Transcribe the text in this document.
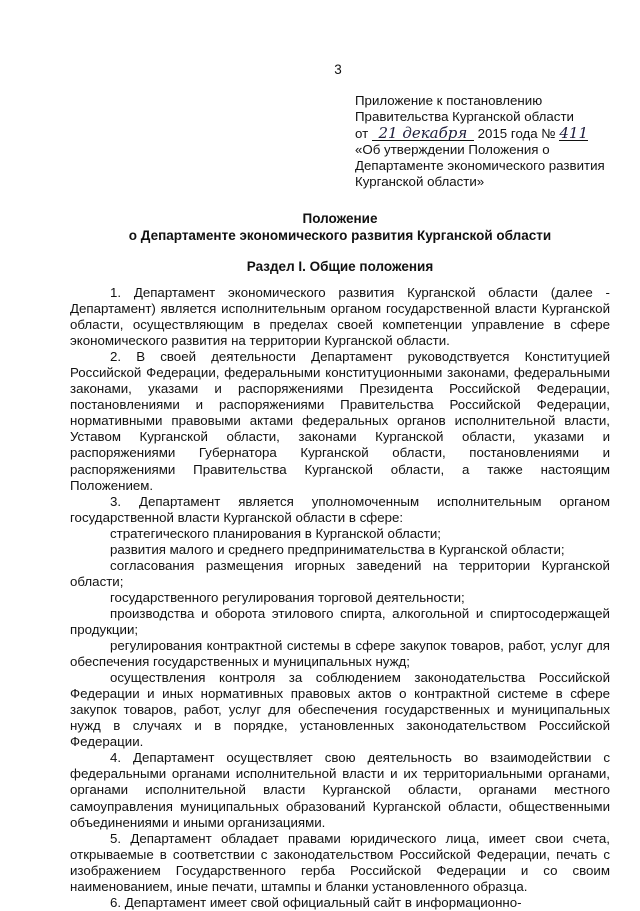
3
Приложение к постановлению
Правительства Курганской области
от 21 декабря 2015 года № 411
«Об утверждении Положения о
Департаменте экономического развития
Курганской области»
Положение
о Департаменте экономического развития Курганской области
Раздел I. Общие положения

1. Департамент экономического развития Курганской области (далее - Департамент) является исполнительным органом государственной власти Курганской области, осуществляющим в пределах своей компетенции управление в сфере экономического развития на территории Курганской области.

2. В своей деятельности Департамент руководствуется Конституцией Российской Федерации, федеральными конституционными законами, федеральными законами, указами и распоряжениями Президента Российской Федерации, постановлениями и распоряжениями Правительства Российской Федерации, нормативными правовыми актами федеральных органов исполнительной власти, Уставом Курганской области, законами Курганской области, указами и распоряжениями Губернатора Курганской области, постановлениями и распоряжениями Правительства Курганской области, а также настоящим Положением.

3. Департамент является уполномоченным исполнительным органом государственной власти Курганской области в сфере:

стратегического планирования в Курганской области;

развития малого и среднего предпринимательства в Курганской области;

согласования размещения игорных заведений на территории Курганской области;

государственного регулирования торговой деятельности;

производства и оборота этилового спирта, алкогольной и спиртосодержащей продукции;

регулирования контрактной системы в сфере закупок товаров, работ, услуг для обеспечения государственных и муниципальных нужд;

осуществления контроля за соблюдением законодательства Российской Федерации и иных нормативных правовых актов о контрактной системе в сфере закупок товаров, работ, услуг для обеспечения государственных и муниципальных нужд в случаях и в порядке, установленных законодательством Российской Федерации.

4. Департамент осуществляет свою деятельность во взаимодействии с федеральными органами исполнительной власти и их территориальными органами, органами исполнительной власти Курганской области, органами местного самоуправления муниципальных образований Курганской области, общественными объединениями и иными организациями.

5. Департамент обладает правами юридического лица, имеет свои счета, открываемые в соответствии с законодательством Российской Федерации, печать с изображением Государственного герба Российской Федерации и со своим наименованием, иные печати, штампы и бланки установленного образца.

6. Департамент имеет свой официальный сайт в информационно-
